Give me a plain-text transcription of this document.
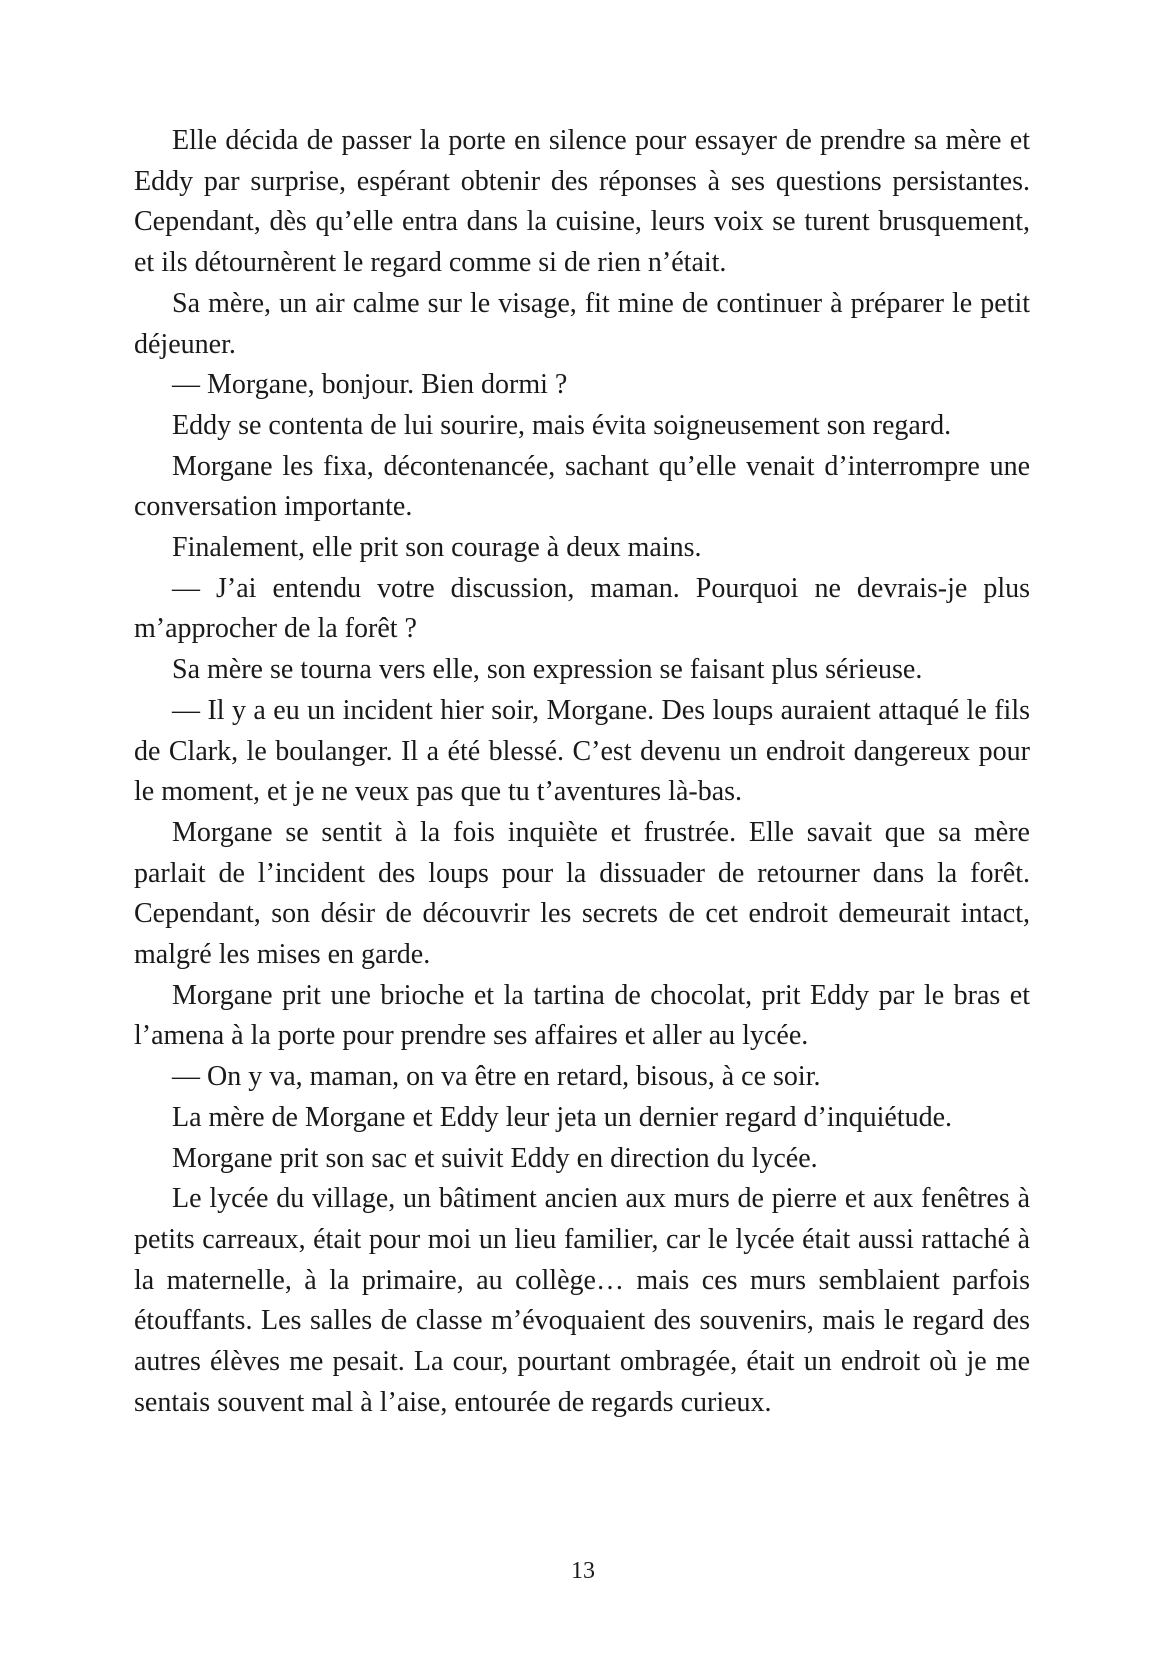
Elle décida de passer la porte en silence pour essayer de prendre sa mère et Eddy par surprise, espérant obtenir des réponses à ses questions persistantes. Cependant, dès qu’elle entra dans la cuisine, leurs voix se turent brusquement, et ils détournèrent le regard comme si de rien n’était.

Sa mère, un air calme sur le visage, fit mine de continuer à préparer le petit déjeuner.

— Morgane, bonjour. Bien dormi ?

Eddy se contenta de lui sourire, mais évita soigneusement son regard.

Morgane les fixa, décontenancée, sachant qu’elle venait d’interrompre une conversation importante.

Finalement, elle prit son courage à deux mains.

— J’ai entendu votre discussion, maman. Pourquoi ne devrais-je plus m’approcher de la forêt ?

Sa mère se tourna vers elle, son expression se faisant plus sérieuse.

— Il y a eu un incident hier soir, Morgane. Des loups auraient attaqué le fils de Clark, le boulanger. Il a été blessé. C’est devenu un endroit dangereux pour le moment, et je ne veux pas que tu t’aventures là-bas.

Morgane se sentit à la fois inquiète et frustrée. Elle savait que sa mère parlait de l’incident des loups pour la dissuader de retourner dans la forêt. Cependant, son désir de découvrir les secrets de cet endroit demeurait intact, malgré les mises en garde.

Morgane prit une brioche et la tartina de chocolat, prit Eddy par le bras et l’amena à la porte pour prendre ses affaires et aller au lycée.

— On y va, maman, on va être en retard, bisous, à ce soir.

La mère de Morgane et Eddy leur jeta un dernier regard d’inquiétude.

Morgane prit son sac et suivit Eddy en direction du lycée.

Le lycée du village, un bâtiment ancien aux murs de pierre et aux fenêtres à petits carreaux, était pour moi un lieu familier, car le lycée était aussi rattaché à la maternelle, à la primaire, au collège… mais ces murs semblaient parfois étouffants. Les salles de classe m’évoquaient des souvenirs, mais le regard des autres élèves me pesait. La cour, pourtant ombragée, était un endroit où je me sentais souvent mal à l’aise, entourée de regards curieux.

13
